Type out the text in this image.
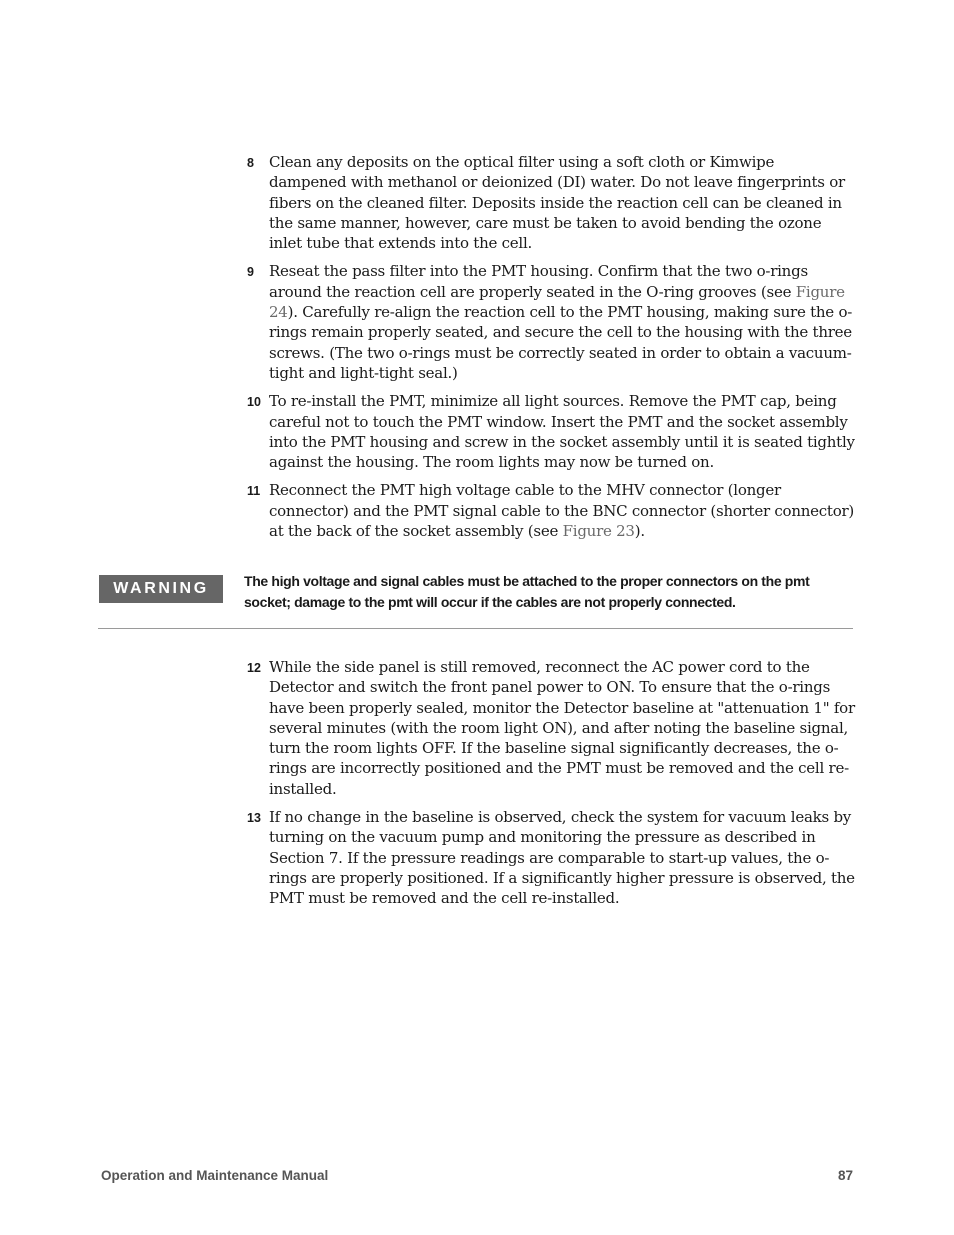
8	Clean any deposits on the optical filter using a soft cloth or Kimwipe dampened with methanol or deionized (DI) water. Do not leave fingerprints or fibers on the cleaned filter. Deposits inside the reaction cell can be cleaned in the same manner, however, care must be taken to avoid bending the ozone inlet tube that extends into the cell.
9	Reseat the pass filter into the PMT housing. Confirm that the two o-rings around the reaction cell are properly seated in the O-ring grooves (see Figure 24). Carefully re-align the reaction cell to the PMT housing, making sure the o-rings remain properly seated, and secure the cell to the housing with the three screws. (The two o-rings must be correctly seated in order to obtain a vacuum-tight and light-tight seal.)
10 To re-install the PMT, minimize all light sources. Remove the PMT cap, being careful not to touch the PMT window. Insert the PMT and the socket assembly into the PMT housing and screw in the socket assembly until it is seated tightly against the housing. The room lights may now be turned on.
11 Reconnect the PMT high voltage cable to the MHV connector (longer connector) and the PMT signal cable to the BNC connector (shorter connector) at the back of the socket assembly (see Figure 23).
WARNING	The high voltage and signal cables must be attached to the proper connectors on the pmt socket; damage to the pmt will occur if the cables are not properly connected.
12 While the side panel is still removed, reconnect the AC power cord to the Detector and switch the front panel power to ON. To ensure that the o-rings have been properly sealed, monitor the Detector baseline at "attenuation 1" for several minutes (with the room light ON), and after noting the baseline signal, turn the room lights OFF. If the baseline signal significantly decreases, the o-rings are incorrectly positioned and the PMT must be removed and the cell re-installed.
13 If no change in the baseline is observed, check the system for vacuum leaks by turning on the vacuum pump and monitoring the pressure as described in Section 7. If the pressure readings are comparable to start-up values, the o-rings are properly positioned. If a significantly higher pressure is observed, the PMT must be removed and the cell re-installed.
Operation and Maintenance Manual	87
